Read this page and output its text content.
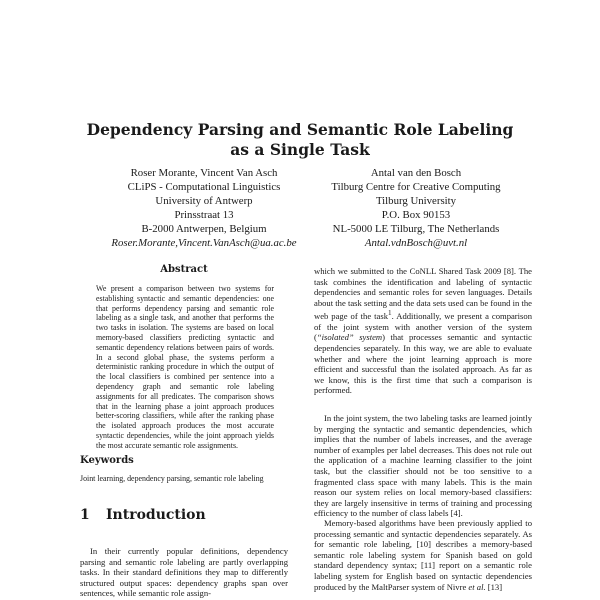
Dependency Parsing and Semantic Role Labeling
as a Single Task
Roser Morante, Vincent Van Asch
CLiPS - Computational Linguistics
University of Antwerp
Prinsstraat 13
B-2000 Antwerpen, Belgium
Roser.Morante,Vincent.VanAsch@ua.ac.be
Antal van den Bosch
Tilburg Centre for Creative Computing
Tilburg University
P.O. Box 90153
NL-5000 LE Tilburg, The Netherlands
Antal.vdnBosch@uvt.nl
Abstract

We present a comparison between two systems for establishing syntactic and semantic dependencies: one that performs dependency parsing and semantic role labeling as a single task, and another that performs the two tasks in isolation. The systems are based on local memory-based classifiers predicting syntactic and semantic dependency relations between pairs of words. In a second global phase, the systems perform a deterministic ranking procedure in which the output of the local classifiers is combined per sentence into a dependency graph and semantic role labeling assignments for all predicates. The comparison shows that in the learning phase a joint approach produces better-scoring classifiers, while after the ranking phase the isolated approach produces the most accurate syntactic dependencies, while the joint approach yields the most accurate semantic role assignments.

Keywords

Joint learning, dependency parsing, semantic role labeling

1 Introduction

In their currently popular definitions, dependency parsing and semantic role labeling are partly overlapping tasks. In their standard definitions they map to differently structured output spaces: dependency graphs span over sentences, while semantic role assign-

which we submitted to the CoNLL Shared Task 2009 [8]. The task combines the identification and labeling of syntactic dependencies and semantic roles for seven languages. Details about the task setting and the data sets used can be found in the web page of the task$^1$. Additionally, we present a comparison of the joint system with another version of the system (“isolated” system) that processes semantic and syntactic dependencies separately. In this way, we are able to evaluate whether and where the joint learning approach is more efficient and successful than the isolated approach. As far as we know, this is the first time that such a comparison is performed.

In the joint system, the two labeling tasks are learned jointly by merging the syntactic and semantic dependencies, which implies that the number of labels increases, and the average number of examples per label decreases. This does not rule out the application of a machine learning classifier to the joint task, but the classifier should not be too sensitive to a fragmented class space with many labels. This is the main reason our system relies on local memory-based classifiers: they are largely insensitive in terms of training and processing efficiency to the number of class labels [4].

Memory-based algorithms have been previously applied to processing semantic and syntactic dependencies separately. As for semantic role labeling, [10] describes a memory-based semantic role labeling system for Spanish based on gold standard dependency syntax; [11] report on a semantic role labeling system for English based on syntactic dependencies produced by the MaltParser system of Nivre et al. [13]
